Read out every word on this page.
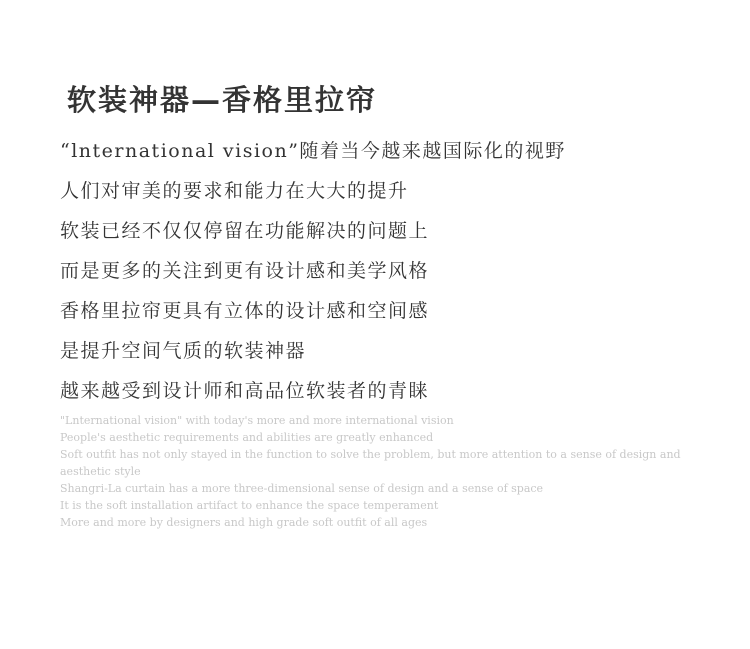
软装神器—香格里拉帘
“lnternational vision”随着当今越来越国际化的视野
人们对审美的要求和能力在大大的提升
软装已经不仅仅停留在功能解决的问题上
而是更多的关注到更有设计感和美学风格
香格里拉帘更具有立体的设计感和空间感
是提升空间气质的软装神器
越来越受到设计师和高品位软装者的青睐
"Lnternational vision" with today's more and more international vision
People's aesthetic requirements and abilities are greatly enhanced
Soft outfit has not only stayed in the function to solve the problem, but more attention to a sense of design and aesthetic style
Shangri-La curtain has a more three-dimensional sense of design and a sense of space
It is the soft installation artifact to enhance the space temperament
More and more by designers and high grade soft outfit of all ages
